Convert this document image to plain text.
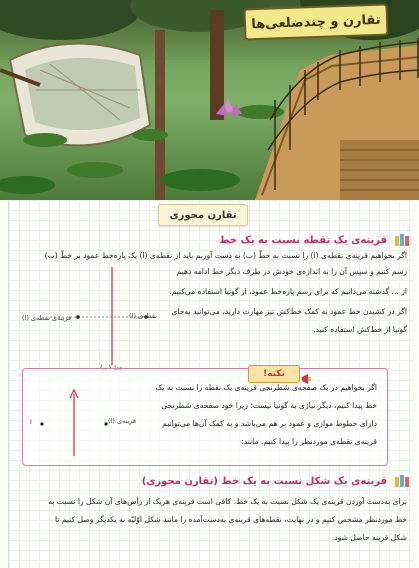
تقارن و چندضلعی‌ها
تقارن محوری
قرینه‌ی یک نقطه نسبت به یک خط
اگر بخواهیم قرینه‌ی نقطه‌ی (ا) را نسبت به خطّ (ب) به دست آوریم باید از نقطه‌ی (ا) یک پاره‌خط عمود بر خطّ (ب)
رسم کنیم و سپس آن را به اندازه‌ی خودش در طرف دیگر خط ادامه دهیم
از ... گذشته می‌دانیم که برای رسم پاره‌خط عمود، از گونیا استفاده می‌کنیم.
اگر در کشیدن خط عمود به کمک خط‌کش نیز مهارت دارید، می‌توانید به‌جای
گونیا از خط‌کش استفاده کنید.
قرینه‌ی نقطه‌ی (ا)	نقطه‌ی (ا)
نکته!
اگر بخواهیم در یک صفحه‌ی شطرنجی قرینه‌ی یک نقطه را نسبت به یک
خط پیدا کنیم، دیگر نیازی به گونیا نیست؛ زیرا خود صفحه‌ی شطرنجی
دارای خطوط موازی و عمود بر هم می‌باشد و به کمک آن‌ها می‌توانیم
قرینه‌ی نقطه‌ی موردنظر را پیدا کنیم. مانند:
ا	قرینه‌ی (ا)
قرینه‌ی یک شکل نسبت به یک خط (تقارن محوری)
برای به‌دست آوردن قرینه‌ی یک شکل نسبت به یک خط، کافی است قرینه‌ی هریک از رأس‌های آن شکل را نسبت به
خط موردنظر مشخص کنیم و در نهایت، نقطه‌های قرینه‌ی به‌دست‌آمده را مانند شکل اوّلیّه به یکدیگر وصل کنیم تا
شکل قرینه حاصل شود.
